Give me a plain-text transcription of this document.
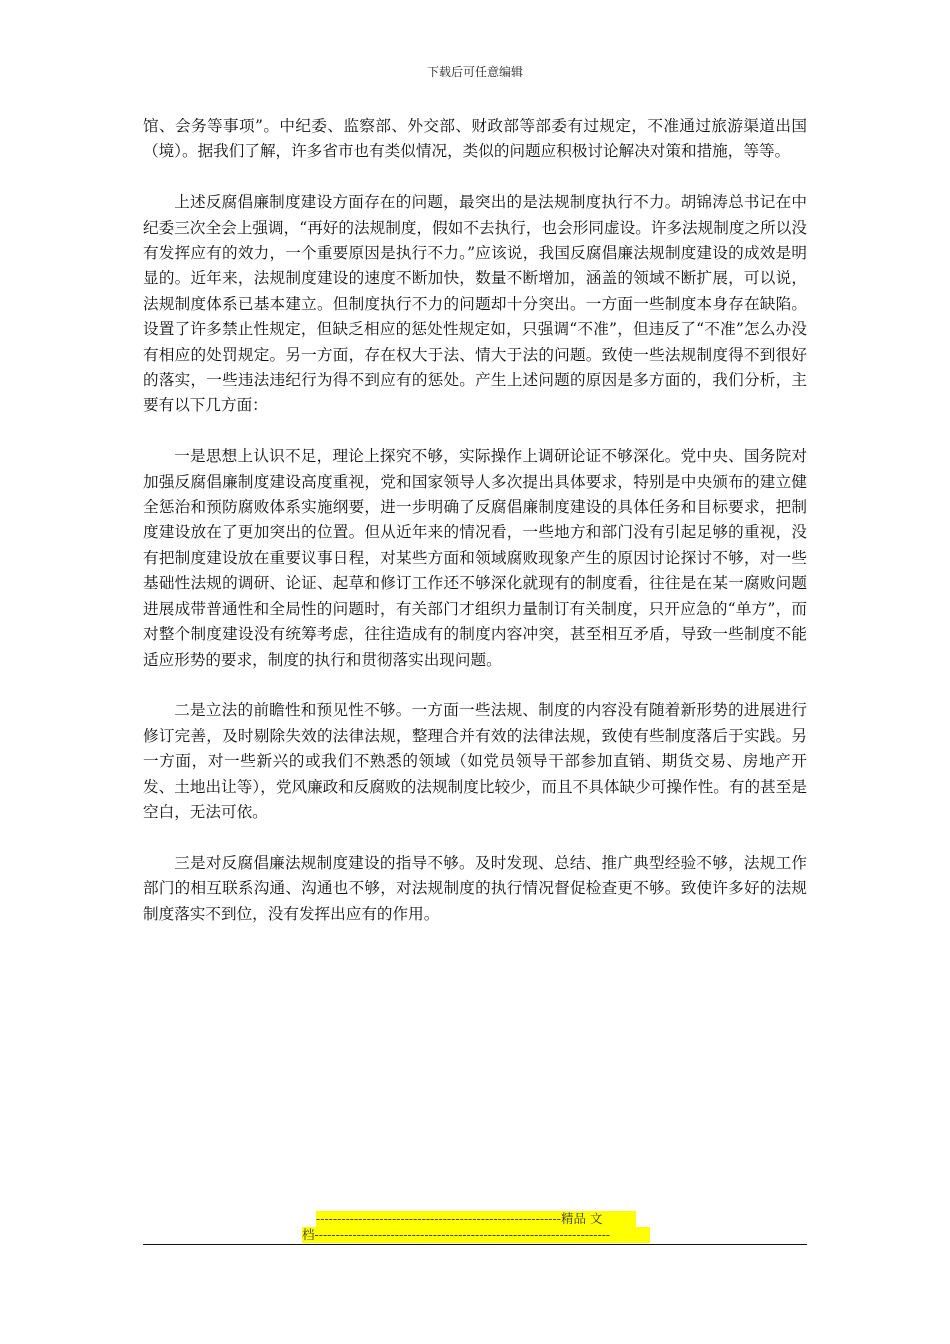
下载后可任意编辑

馆、会务等事项”。中纪委、监察部、外交部、财政部等部委有过规定，不准通过旅游渠道出国（境）。据我们了解，许多省市也有类似情况，类似的问题应积极讨论解决对策和措施，等等。

上述反腐倡廉制度建设方面存在的问题，最突出的是法规制度执行不力。胡锦涛总书记在中纪委三次全会上强调，“再好的法规制度，假如不去执行，也会形同虚设。许多法规制度之所以没有发挥应有的效力，一个重要原因是执行不力。”应该说，我国反腐倡廉法规制度建设的成效是明显的。近年来，法规制度建设的速度不断加快，数量不断增加，涵盖的领域不断扩展，可以说，法规制度体系已基本建立。但制度执行不力的问题却十分突出。一方面一些制度本身存在缺陷。设置了许多禁止性规定，但缺乏相应的惩处性规定如，只强调“不准”，但违反了“不准”怎么办没有相应的处罚规定。另一方面，存在权大于法、情大于法的问题。致使一些法规制度得不到很好的落实，一些违法违纪行为得不到应有的惩处。产生上述问题的原因是多方面的，我们分析，主要有以下几方面：

一是思想上认识不足，理论上探究不够，实际操作上调研论证不够深化。党中央、国务院对加强反腐倡廉制度建设高度重视，党和国家领导人多次提出具体要求，特别是中央颁布的建立健全惩治和预防腐败体系实施纲要，进一步明确了反腐倡廉制度建设的具体任务和目标要求，把制度建设放在了更加突出的位置。但从近年来的情况看，一些地方和部门没有引起足够的重视，没有把制度建设放在重要议事日程，对某些方面和领域腐败现象产生的原因讨论探讨不够，对一些基础性法规的调研、论证、起草和修订工作还不够深化就现有的制度看，往往是在某一腐败问题进展成带普通性和全局性的问题时，有关部门才组织力量制订有关制度，只开应急的“单方”，而对整个制度建设没有统筹考虑，往往造成有的制度内容冲突，甚至相互矛盾，导致一些制度不能适应形势的要求，制度的执行和贯彻落实出现问题。

二是立法的前瞻性和预见性不够。一方面一些法规、制度的内容没有随着新形势的进展进行修订完善，及时剔除失效的法律法规，整理合并有效的法律法规，致使有些制度落后于实践。另一方面，对一些新兴的或我们不熟悉的领域（如党员领导干部参加直销、期货交易、房地产开发、土地出让等），党风廉政和反腐败的法规制度比较少，而且不具体缺少可操作性。有的甚至是空白，无法可依。

三是对反腐倡廉法规制度建设的指导不够。及时发现、总结、推广典型经验不够，法规工作部门的相互联系沟通、沟通也不够，对法规制度的执行情况督促检查更不够。致使许多好的法规制度落实不到位，没有发挥出应有的作用。

----------------------------------------------------------精品 文
档----------------------------------------------------------------------
